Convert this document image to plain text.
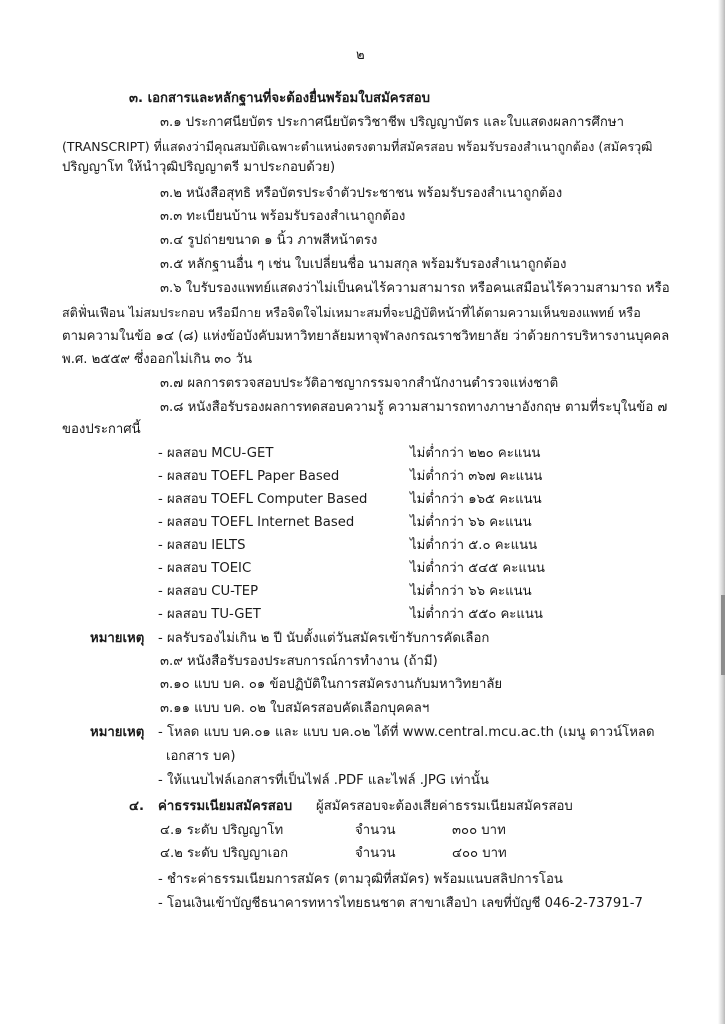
๒
๓. เอกสารและหลักฐานที่จะต้องยื่นพร้อมใบสมัครสอบ
๓.๑ ประกาศนียบัตร ประกาศนียบัตรวิชาชีพ ปริญญาบัตร และใบแสดงผลการศึกษา
(TRANSCRIPT) ที่แสดงว่ามีคุณสมบัติเฉพาะตำแหน่งตรงตามที่สมัครสอบ พร้อมรับรองสำเนาถูกต้อง (สมัครวุฒิ
ปริญญาโท ให้นำวุฒิปริญญาตรี มาประกอบด้วย)
๓.๒ หนังสือสุทธิ หรือบัตรประจำตัวประชาชน พร้อมรับรองสำเนาถูกต้อง
๓.๓ ทะเบียนบ้าน พร้อมรับรองสำเนาถูกต้อง
๓.๔ รูปถ่ายขนาด ๑ นิ้ว ภาพสีหน้าตรง
๓.๕ หลักฐานอื่น ๆ เช่น ใบเปลี่ยนชื่อ นามสกุล พร้อมรับรองสำเนาถูกต้อง
๓.๖ ใบรับรองแพทย์แสดงว่าไม่เป็นคนไร้ความสามารถ หรือคนเสมือนไร้ความสามารถ หรือ
สติฟั่นเฟือน ไม่สมประกอบ หรือมีกาย หรือจิตใจไม่เหมาะสมที่จะปฏิบัติหน้าที่ได้ตามความเห็นของแพทย์ หรือ
ตามความในข้อ ๑๔ (๘) แห่งข้อบังคับมหาวิทยาลัยมหาจุฬาลงกรณราชวิทยาลัย ว่าด้วยการบริหารงานบุคคล
พ.ศ. ๒๕๕๙ ซึ่งออกไม่เกิน ๓๐ วัน
๓.๗ ผลการตรวจสอบประวัติอาชญากรรมจากสำนักงานตำรวจแห่งชาติ
๓.๘ หนังสือรับรองผลการทดสอบความรู้ ความสามารถทางภาษาอังกฤษ ตามที่ระบุในข้อ ๗
ของประกาศนี้
- ผลสอบ MCU-GET	ไม่ต่ำกว่า ๒๒๐ คะแนน
- ผลสอบ TOEFL Paper Based	ไม่ต่ำกว่า ๓๖๗ คะแนน
- ผลสอบ TOEFL Computer Based	ไม่ต่ำกว่า ๑๖๕ คะแนน
- ผลสอบ TOEFL Internet Based	ไม่ต่ำกว่า ๖๖ คะแนน
- ผลสอบ IELTS	ไม่ต่ำกว่า ๕.๐ คะแนน
- ผลสอบ TOEIC	ไม่ต่ำกว่า ๕๔๕ คะแนน
- ผลสอบ CU-TEP	ไม่ต่ำกว่า ๖๖ คะแนน
- ผลสอบ TU-GET	ไม่ต่ำกว่า ๕๕๐ คะแนน
หมายเหตุ - ผลรับรองไม่เกิน ๒ ปี นับตั้งแต่วันสมัครเข้ารับการคัดเลือก
๓.๙ หนังสือรับรองประสบการณ์การทำงาน (ถ้ามี)
๓.๑๐ แบบ บค. ๐๑ ข้อปฏิบัติในการสมัครงานกับมหาวิทยาลัย
๓.๑๑ แบบ บค. ๐๒ ใบสมัครสอบคัดเลือกบุคคลฯ
หมายเหตุ - โหลด แบบ บค.๐๑ และ แบบ บค.๐๒ ได้ที่ www.central.mcu.ac.th (เมนู ดาวน์โหลด
เอกสาร บค)
- ให้แนบไฟล์เอกสารที่เป็นไฟล์ .PDF และไฟล์ .JPG เท่านั้น
๔. ค่าธรรมเนียมสมัครสอบ ผู้สมัครสอบจะต้องเสียค่าธรรมเนียมสมัครสอบ
๔.๑ ระดับ ปริญญาโท	จำนวน	๓๐๐ บาท
๔.๒ ระดับ ปริญญาเอก	จำนวน	๔๐๐ บาท
- ชำระค่าธรรมเนียมการสมัคร (ตามวุฒิที่สมัคร) พร้อมแนบสลิปการโอน
- โอนเงินเข้าบัญชีธนาคารทหารไทยธนชาต สาขาเสือป่า เลขที่บัญชี 046-2-73791-7
